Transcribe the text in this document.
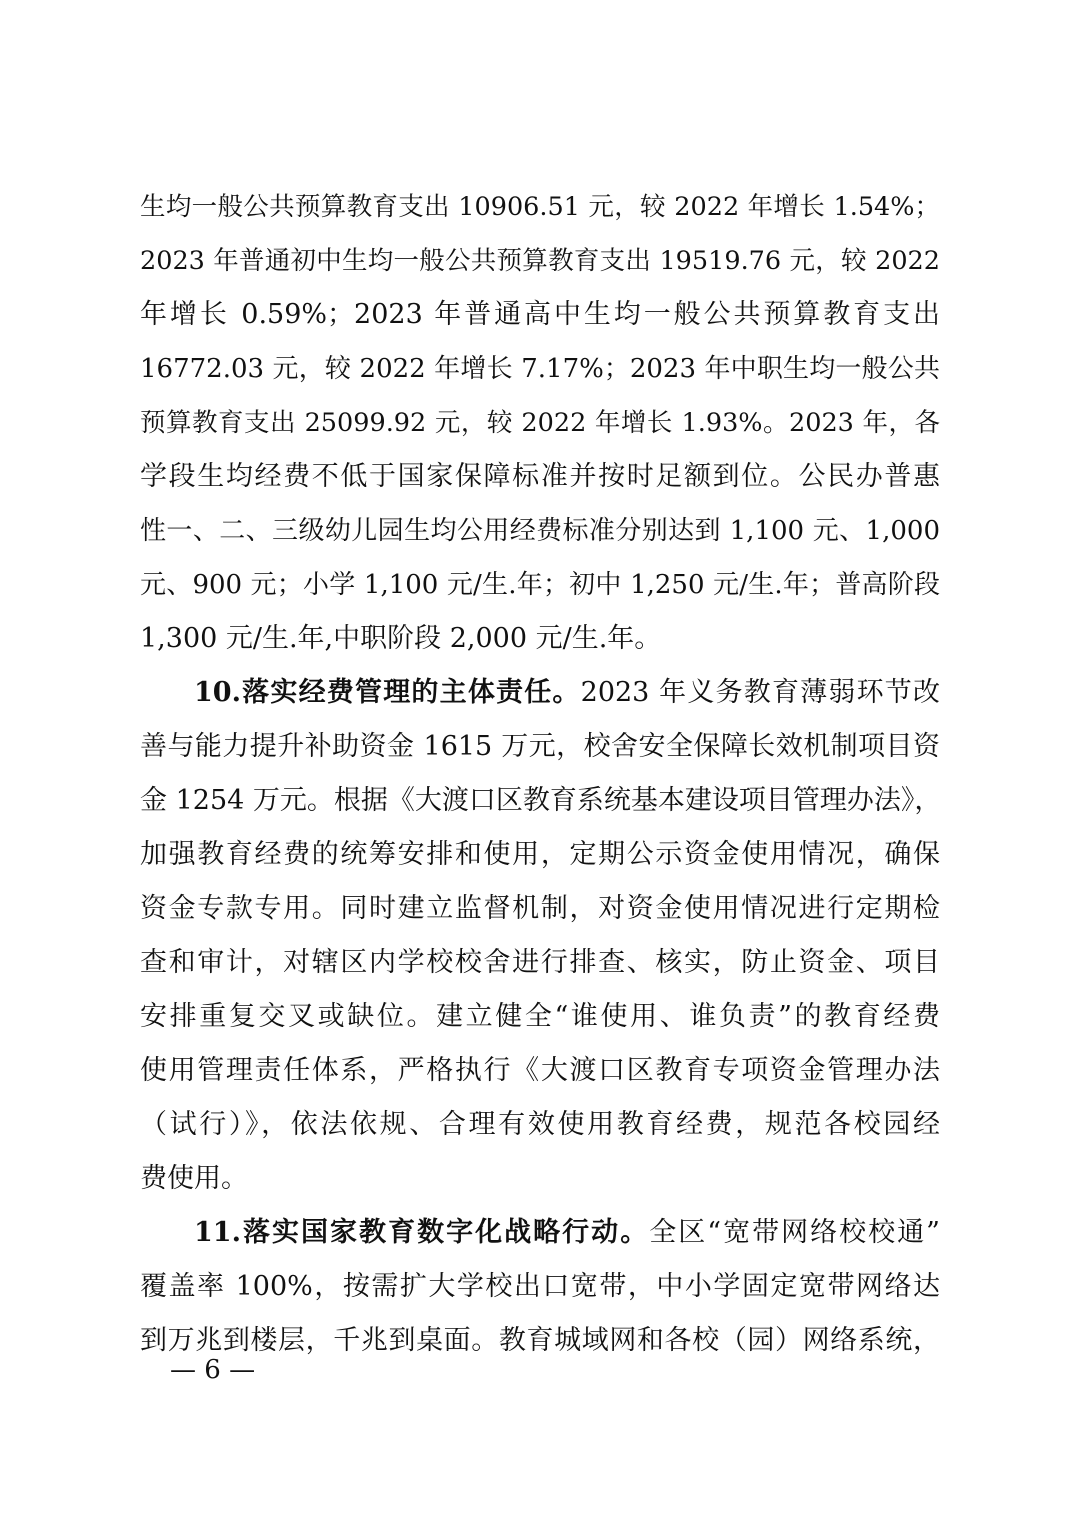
生均一般公共预算教育支出 10906.51 元，较 2022 年增长 1.54%；
2023 年普通初中生均一般公共预算教育支出 19519.76 元，较 2022
年增长 0.59%；2023 年普通高中生均一般公共预算教育支出
16772.03 元，较 2022 年增长 7.17%；2023 年中职生均一般公共
预算教育支出 25099.92 元，较 2022 年增长 1.93%。2023 年，各
学段生均经费不低于国家保障标准并按时足额到位。公民办普惠
性一、二、三级幼儿园生均公用经费标准分别达到 1,100 元、1,000
元、900 元；小学 1,100 元/生.年；初中 1,250 元/生.年；普高阶段
1,300 元/生.年,中职阶段 2,000 元/生.年。
10.落实经费管理的主体责任。2023 年义务教育薄弱环节改
善与能力提升补助资金 1615 万元，校舍安全保障长效机制项目资
金 1254 万元。根据《大渡口区教育系统基本建设项目管理办法》，
加强教育经费的统筹安排和使用，定期公示资金使用情况，确保
资金专款专用。同时建立监督机制，对资金使用情况进行定期检
查和审计，对辖区内学校校舍进行排查、核实，防止资金、项目
安排重复交叉或缺位。建立健全“谁使用、谁负责”的教育经费
使用管理责任体系，严格执行《大渡口区教育专项资金管理办法
（试行）》，依法依规、合理有效使用教育经费，规范各校园经
费使用。
11.落实国家教育数字化战略行动。全区“宽带网络校校通”
覆盖率 100%，按需扩大学校出口宽带，中小学固定宽带网络达
到万兆到楼层，千兆到桌面。教育城域网和各校（园）网络系统，
— 6 —
